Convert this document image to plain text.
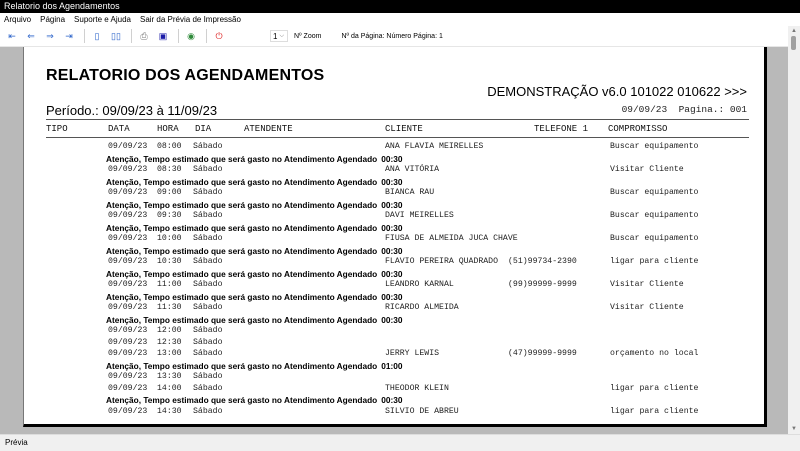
Relatorio dos Agendamentos
Arquivo Página Suporte e Ajuda Sair da Prévia de Impressão
⇤	⇐	⇒	⇥	▯	▯▯	⎙	▣	◉	⏻	1 ⌵ Nº Zoom	Nº da Página: Número Página: 1
RELATORIO DOS AGENDAMENTOS
DEMONSTRAÇÃO v6.0 101022 010622 >>>
Período.: 09/09/23 à 11/09/23	09/09/23  Pagina.: 001
TIPO	DATA	HORA DIA	ATENDENTE	CLIENTE	TELEFONE 1 COMPROMISSO
09/09/23 08:00 Sábado	ANA FLAVIA MEIRELLES	Buscar equipamento
Atenção, Tempo estimado que será gasto no Atendimento Agendado 00:30
09/09/23 08:30 Sábado	ANA VITÓRIA	Visitar Cliente
Atenção, Tempo estimado que será gasto no Atendimento Agendado 00:30
09/09/23 09:00 Sábado	BIANCA RAU	Buscar equipamento
Atenção, Tempo estimado que será gasto no Atendimento Agendado 00:30
09/09/23 09:30 Sábado	DAVI MEIRELLES	Buscar equipamento
Atenção, Tempo estimado que será gasto no Atendimento Agendado 00:30
09/09/23 10:00 Sábado	FIUSA DE ALMEIDA JUCA CHAVE	Buscar equipamento
Atenção, Tempo estimado que será gasto no Atendimento Agendado 00:30
09/09/23 10:30 Sábado	FLAVIO PEREIRA QUADRADO (51)99734-2390	ligar para cliente
Atenção, Tempo estimado que será gasto no Atendimento Agendado 00:30
09/09/23 11:00 Sábado	LEANDRO KARNAL	(99)99999-9999	Visitar Cliente
Atenção, Tempo estimado que será gasto no Atendimento Agendado 00:30
09/09/23 11:30 Sábado	RICARDO ALMEIDA	Visitar Cliente
Atenção, Tempo estimado que será gasto no Atendimento Agendado 00:30
09/09/23 12:00 Sábado
09/09/23 12:30 Sábado
09/09/23 13:00 Sábado	JERRY LEWIS	(47)99999-9999	orçamento no local
Atenção, Tempo estimado que será gasto no Atendimento Agendado 01:00
09/09/23 13:30 Sábado
09/09/23 14:00 Sábado	THEODOR KLEIN	ligar para cliente
Atenção, Tempo estimado que será gasto no Atendimento Agendado 00:30
09/09/23 14:30 Sábado	SILVIO DE ABREU	ligar para cliente
▲
▼
Prévia
